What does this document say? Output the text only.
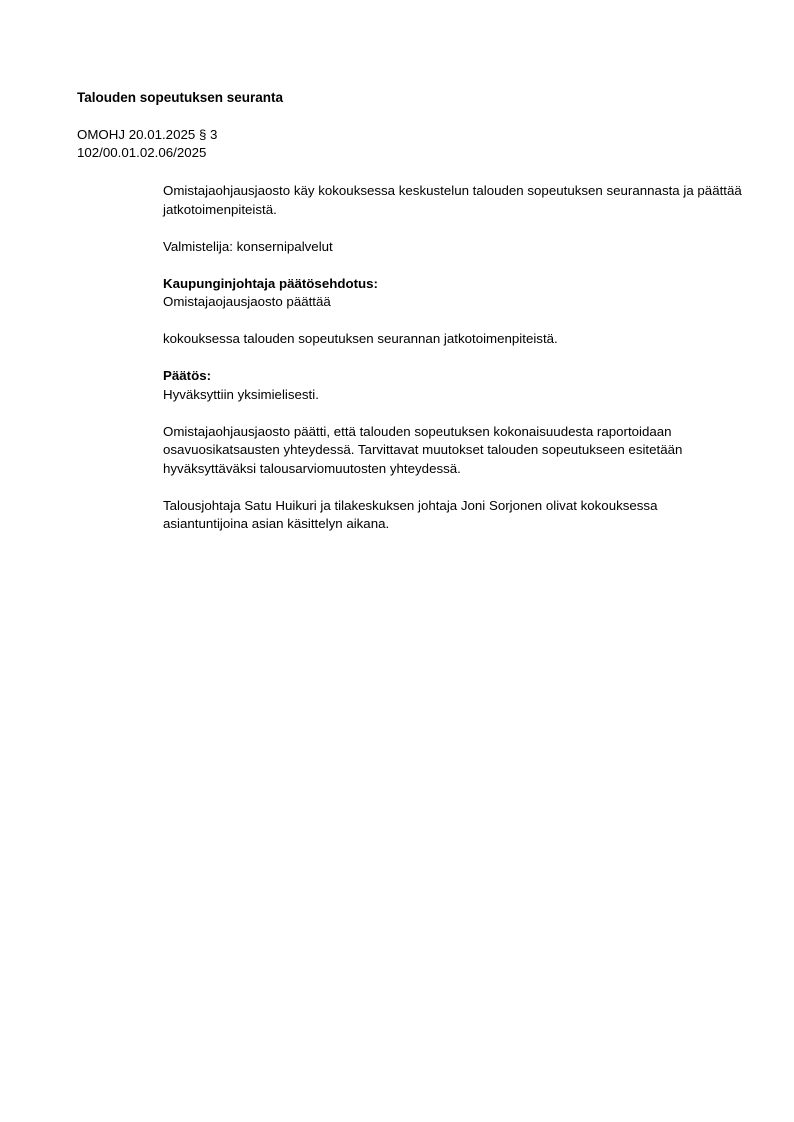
Talouden sopeutuksen seuranta
OMOHJ 20.01.2025 § 3
102/00.01.02.06/2025

Omistajaohjausjaosto käy kokouksessa keskustelun talouden sopeutuksen seurannasta ja päättää jatkotoimenpiteistä.

Valmistelija: konsernipalvelut

Kaupunginjohtaja päätösehdotus:
Omistajaojausjaosto päättää

kokouksessa talouden sopeutuksen seurannan jatkotoimenpiteistä.

Päätös:
Hyväksyttiin yksimielisesti.

Omistajaohjausjaosto päätti, että talouden sopeutuksen kokonaisuudesta raportoidaan osavuosikatsausten yhteydessä. Tarvittavat muutokset talouden sopeutukseen esitetään hyväksyttäväksi talousarviomuutosten yhteydessä.

Talousjohtaja Satu Huikuri ja tilakeskuksen johtaja Joni Sorjonen olivat kokouksessa asiantuntijoina asian käsittelyn aikana.
